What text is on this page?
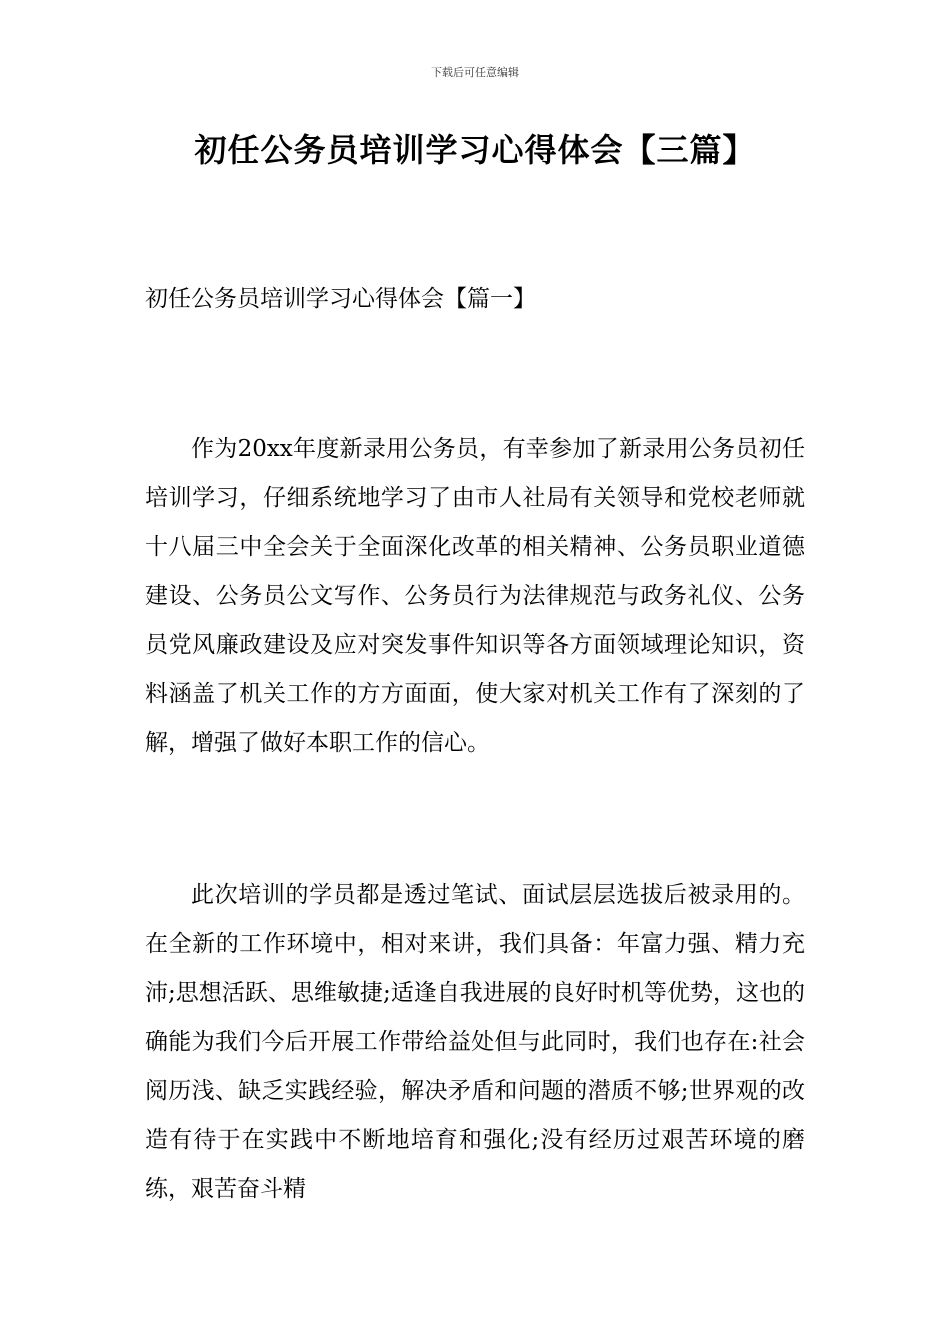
下载后可任意编辑
初任公务员培训学习心得体会【三篇】
初任公务员培训学习心得体会【篇一】

作为20xx年度新录用公务员，有幸参加了新录用公务员初任培训学习，仔细系统地学习了由市人社局有关领导和党校老师就十八届三中全会关于全面深化改革的相关精神、公务员职业道德建设、公务员公文写作、公务员行为法律规范与政务礼仪、公务员党风廉政建设及应对突发事件知识等各方面领域理论知识，资料涵盖了机关工作的方方面面，使大家对机关工作有了深刻的了解，增强了做好本职工作的信心。

此次培训的学员都是透过笔试、面试层层选拔后被录用的。在全新的工作环境中，相对来讲，我们具备：年富力强、精力充沛;思想活跃、思维敏捷;适逢自我进展的良好时机等优势，这也的确能为我们今后开展工作带给益处但与此同时，我们也存在:社会阅历浅、缺乏实践经验，解决矛盾和问题的潜质不够;世界观的改造有待于在实践中不断地培育和强化;没有经历过艰苦环境的磨练，艰苦奋斗精
